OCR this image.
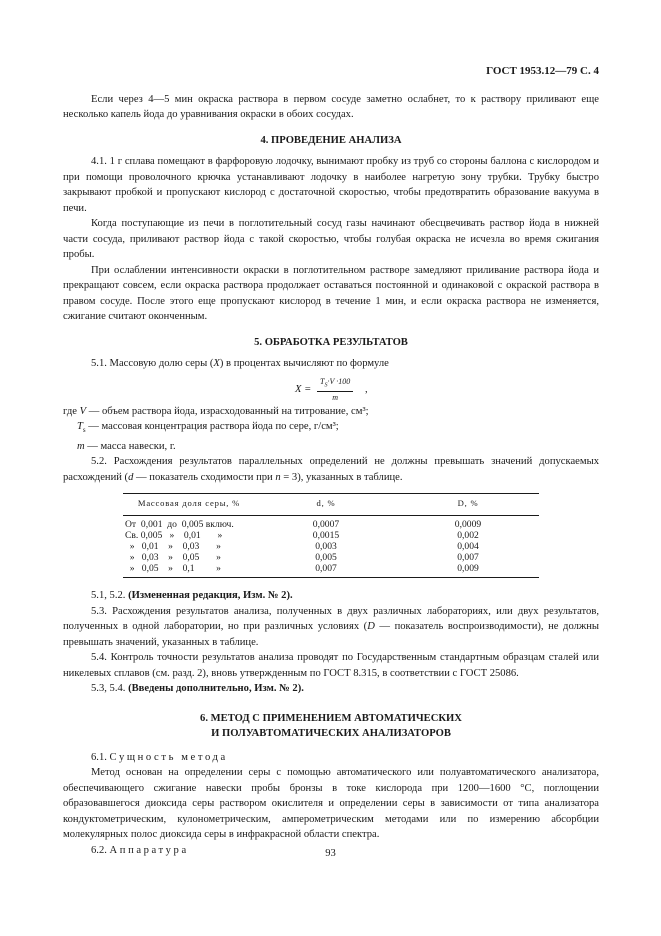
ГОСТ 1953.12—79 С. 4

Если через 4—5 мин окраска раствора в первом сосуде заметно ослабнет, то к раствору приливают еще несколько капель йода до уравнивания окраски в обоих сосудах.

4. ПРОВЕДЕНИЕ АНАЛИЗА

4.1. 1 г сплава помещают в фарфоровую лодочку, вынимают пробку из труб со стороны баллона с кислородом и при помощи проволочного крючка устанавливают лодочку в наиболее нагретую зону трубки. Трубку быстро закрывают пробкой и пропускают кислород с достаточной скоростью, чтобы предотвратить образование вакуума в печи.

Когда поступающие из печи в поглотительный сосуд газы начинают обесцвечивать раствор йода в нижней части сосуда, приливают раствор йода с такой скоростью, чтобы голубая окраска не исчезла во время сжигания пробы.

При ослаблении интенсивности окраски в поглотительном растворе замедляют приливание раствора йода и прекращают совсем, если окраска раствора продолжает оставаться постоянной и одинаковой с окраской раствора в правом сосуде. После этого еще пропускают кислород в течение 1 мин, и если окраска раствора не изменяется, сжигание считают оконченным.

5. ОБРАБОТКА РЕЗУЛЬТАТОВ

5.1. Массовую долю серы (X) в процентах вычисляют по формуле

$X = \frac{T_S\cdot V \cdot 100}{m}$ ,

где V — объем раствора йода, израсходованный на титрование, см³;

$T_s$ — массовая концентрация раствора йода по сере, г/см³;

m — масса навески, г.

5.2. Расхождения результатов параллельных определений не должны превышать значений допускаемых расхождений (d — показатель сходимости при n = 3), указанных в таблице.

Массовая доля серы, %	d, %	D, %
От  0,001  до  0,005 включ.	0,0007	0,0009
Св. 0,005   »    0,01       »	0,0015	0,002
»   0,01    »    0,03       »	0,003	0,004
»   0,03    »    0,05       »	0,005	0,007
»   0,05    »    0,1         »	0,007	0,009

5.1, 5.2. (Измененная редакция, Изм. № 2).

5.3. Расхождения результатов анализа, полученных в двух различных лабораториях, или двух результатов, полученных в одной лаборатории, но при различных условиях (D — показатель воспроизводимости), не должны превышать значений, указанных в таблице.

5.4. Контроль точности результатов анализа проводят по Государственным стандартным образцам сталей или никелевых сплавов (см. разд. 2), вновь утвержденным по ГОСТ 8.315, в соответствии с ГОСТ 25086.

5.3, 5.4. (Введены дополнительно, Изм. № 2).

6. МЕТОД С ПРИМЕНЕНИЕМ АВТОМАТИЧЕСКИХ
И ПОЛУАВТОМАТИЧЕСКИХ АНАЛИЗАТОРОВ

6.1. Сущность метода

Метод основан на определении серы с помощью автоматического или полуавтоматического анализатора, обеспечивающего сжигание навески пробы бронзы в токе кислорода при 1200—1600 °С, поглощении образовавшегося диоксида серы раствором окислителя и определении серы в зависимости от типа анализатора кондуктометрическим, кулонометрическим, амперометрическим методами или по измерению абсорбции молекулярных полос диоксида серы в инфракрасной области спектра.

6.2. Аппаратура	93
